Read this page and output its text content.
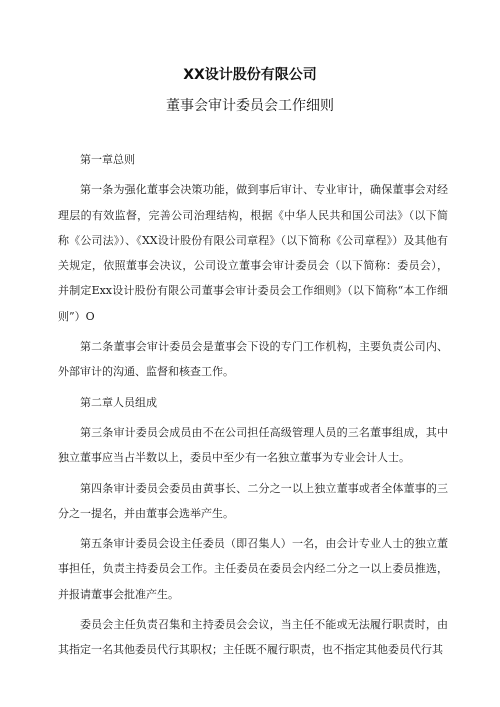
XX设计股份有限公司
董事会审计委员会工作细则

第一章总则

第一条为强化董事会决策功能，做到事后审计、专业审计，确保董事会对经理层的有效监督，完善公司治理结构，根据《中华人民共和国公司法》（以下简称《公司法》）、《XX设计股份有限公司章程》（以下简称《公司章程》）及其他有关规定，依照董事会决议，公司设立董事会审计委员会（以下简称：委员会），并制定Exx设计股份有限公司董事会审计委员会工作细则》（以下简称“本工作细则”）O

第二条董事会审计委员会是董事会下设的专门工作机构，主要负责公司内、外部审计的沟通、监督和核查工作。

第二章人员组成

第三条审计委员会成员由不在公司担任高级管理人员的三名董事组成，其中独立董事应当占半数以上，委员中至少有一名独立董事为专业会计人士。

第四条审计委员会委员由黄事长、二分之一以上独立董事或者全体董事的三分之一提名，并由董事会选举产生。

第五条审计委员会设主任委员（即召集人）一名，由会计专业人士的独立董事担任，负责主持委员会工作。主任委员在委员会内经二分之一以上委员推选，并报请董事会批准产生。

委员会主任负责召集和主持委员会会议，当主任不能或无法履行职责时，由其指定一名其他委员代行其职权；主任既不履行职责，也不指定其他委员代行其
